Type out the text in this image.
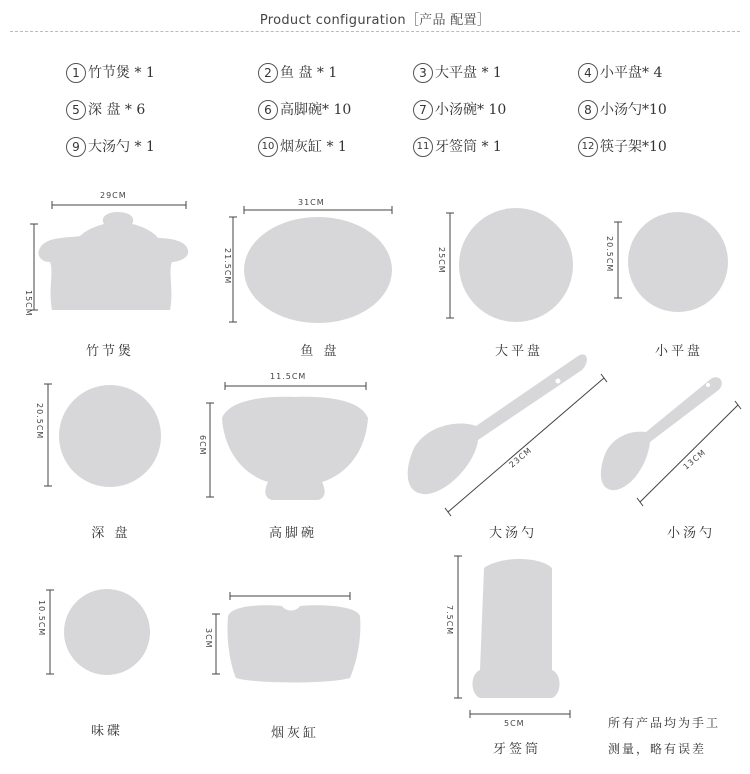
Product configuration［产品 配置］
1 竹节煲 * 1	2 鱼 盘 * 1	3 大平盘 * 1	4 小平盘* 4
5 深 盘 * 6	6 高脚碗* 10	7 小汤碗* 10	8 小汤勺*10
9 大汤勺 * 1	10 烟灰缸 * 1	11 牙签筒 * 1	12 筷子架*10
29CM
15CM
31CM
21.5CM	25CM	20.5CM
20.5CM
11.5CM
6CM
23CM	13CM
10.5CM
3CM
7.5CM
5CM
竹节煲	鱼 盘	大平盘	小平盘
深 盘	高脚碗	大汤勺	小汤勺
味碟	烟灰缸
牙签筒
所有产品均为手工
测量，略有误差
